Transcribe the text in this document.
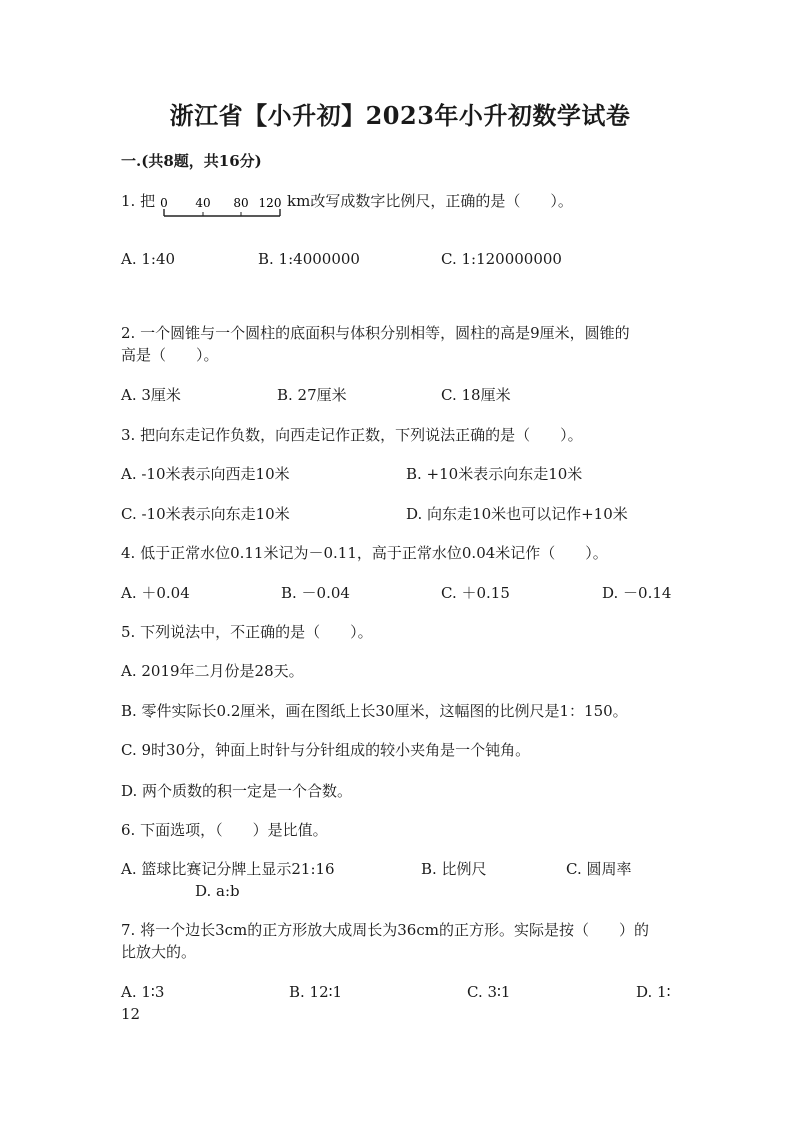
浙江省【小升初】2023年小升初数学试卷
一.(共8题，共16分)
1. 把 0 40 80 120 km改写成数字比例尺，正确的是（　　）。
A. 1:40	B. 1:4000000	C. 1:120000000
2. 一个圆锥与一个圆柱的底面积与体积分别相等，圆柱的高是9厘米，圆锥的
高是（　　）。
A. 3厘米	B. 27厘米	C. 18厘米
3. 把向东走记作负数，向西走记作正数，下列说法正确的是（　　）。
A. -10米表示向西走10米	B. +10米表示向东走10米
C. -10米表示向东走10米	D. 向东走10米也可以记作+10米
4. 低于正常水位0.11米记为－0.11，高于正常水位0.04米记作（　　）。
A. ＋0.04	B. －0.04	C. ＋0.15	D. －0.14
5. 下列说法中，不正确的是（　　）。
A. 2019年二月份是28天。
B. 零件实际长0.2厘米，画在图纸上长30厘米，这幅图的比例尺是1：150。
C. 9时30分，钟面上时针与分针组成的较小夹角是一个钝角。
D. 两个质数的积一定是一个合数。
6. 下面选项，（　　）是比值。
A. 篮球比赛记分牌上显示21:16	B. 比例尺	C. 圆周率
D. a:b
7. 将一个边长3cm的正方形放大成周长为36cm的正方形。实际是按（　　）的
比放大的。
A. 1∶3	B. 12∶1	C. 3∶1	D. 1∶
12
